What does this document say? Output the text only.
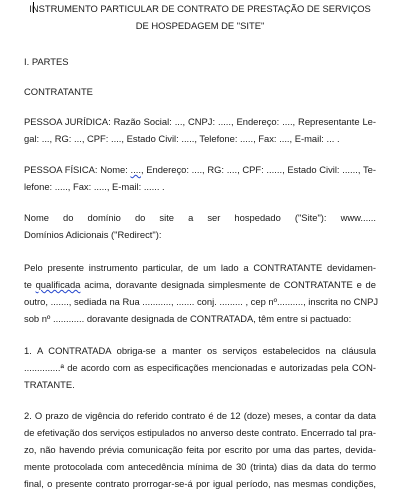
INSTRUMENTO PARTICULAR DE CONTRATO DE PRESTAÇÃO DE SERVIÇOS
DE HOSPEDAGEM DE "SITE"
I. PARTES
CONTRATANTE
PESSOA JURÍDICA: Razão Social: ..., CNPJ: ....., Endereço: ...., Representante Le-
gal: ..., RG: ..., CPF: ...., Estado Civil: ....., Telefone: ....., Fax: ...., E-mail: ... .
PESSOA FÍSICA: Nome: ...., Endereço: ...., RG: ...., CPF: ......, Estado Civil: ......, Te-
lefone: ....., Fax: ....., E-mail: ...... .
Nome do domínio do site a ser hospedado ("Site"): www......
Domínios Adicionais ("Redirect"):
Pelo presente instrumento particular, de um lado a CONTRATANTE devidamen-
te qualificada acima, doravante designada simplesmente de CONTRATANTE e de
outro, ......., sediada na Rua ..........., ....... conj. ......... , cep nº.........., inscrita no CNPJ
sob nº ............ doravante designada de CONTRATADA, têm entre si pactuado:
1. A CONTRATADA obriga-se a manter os serviços estabelecidos na cláusula
..............ª de acordo com as especificações mencionadas e autorizadas pela CON-
TRATANTE.
2. O prazo de vigência do referido contrato é de 12 (doze) meses, a contar da data
de efetivação dos serviços estipulados no anverso deste contrato. Encerrado tal pra-
zo, não havendo prévia comunicação feita por escrito por uma das partes, devida-
mente protocolada com antecedência mínima de 30 (trinta) dias da data do termo
final, o presente contrato prorrogar-se-á por igual período, nas mesmas condições,
